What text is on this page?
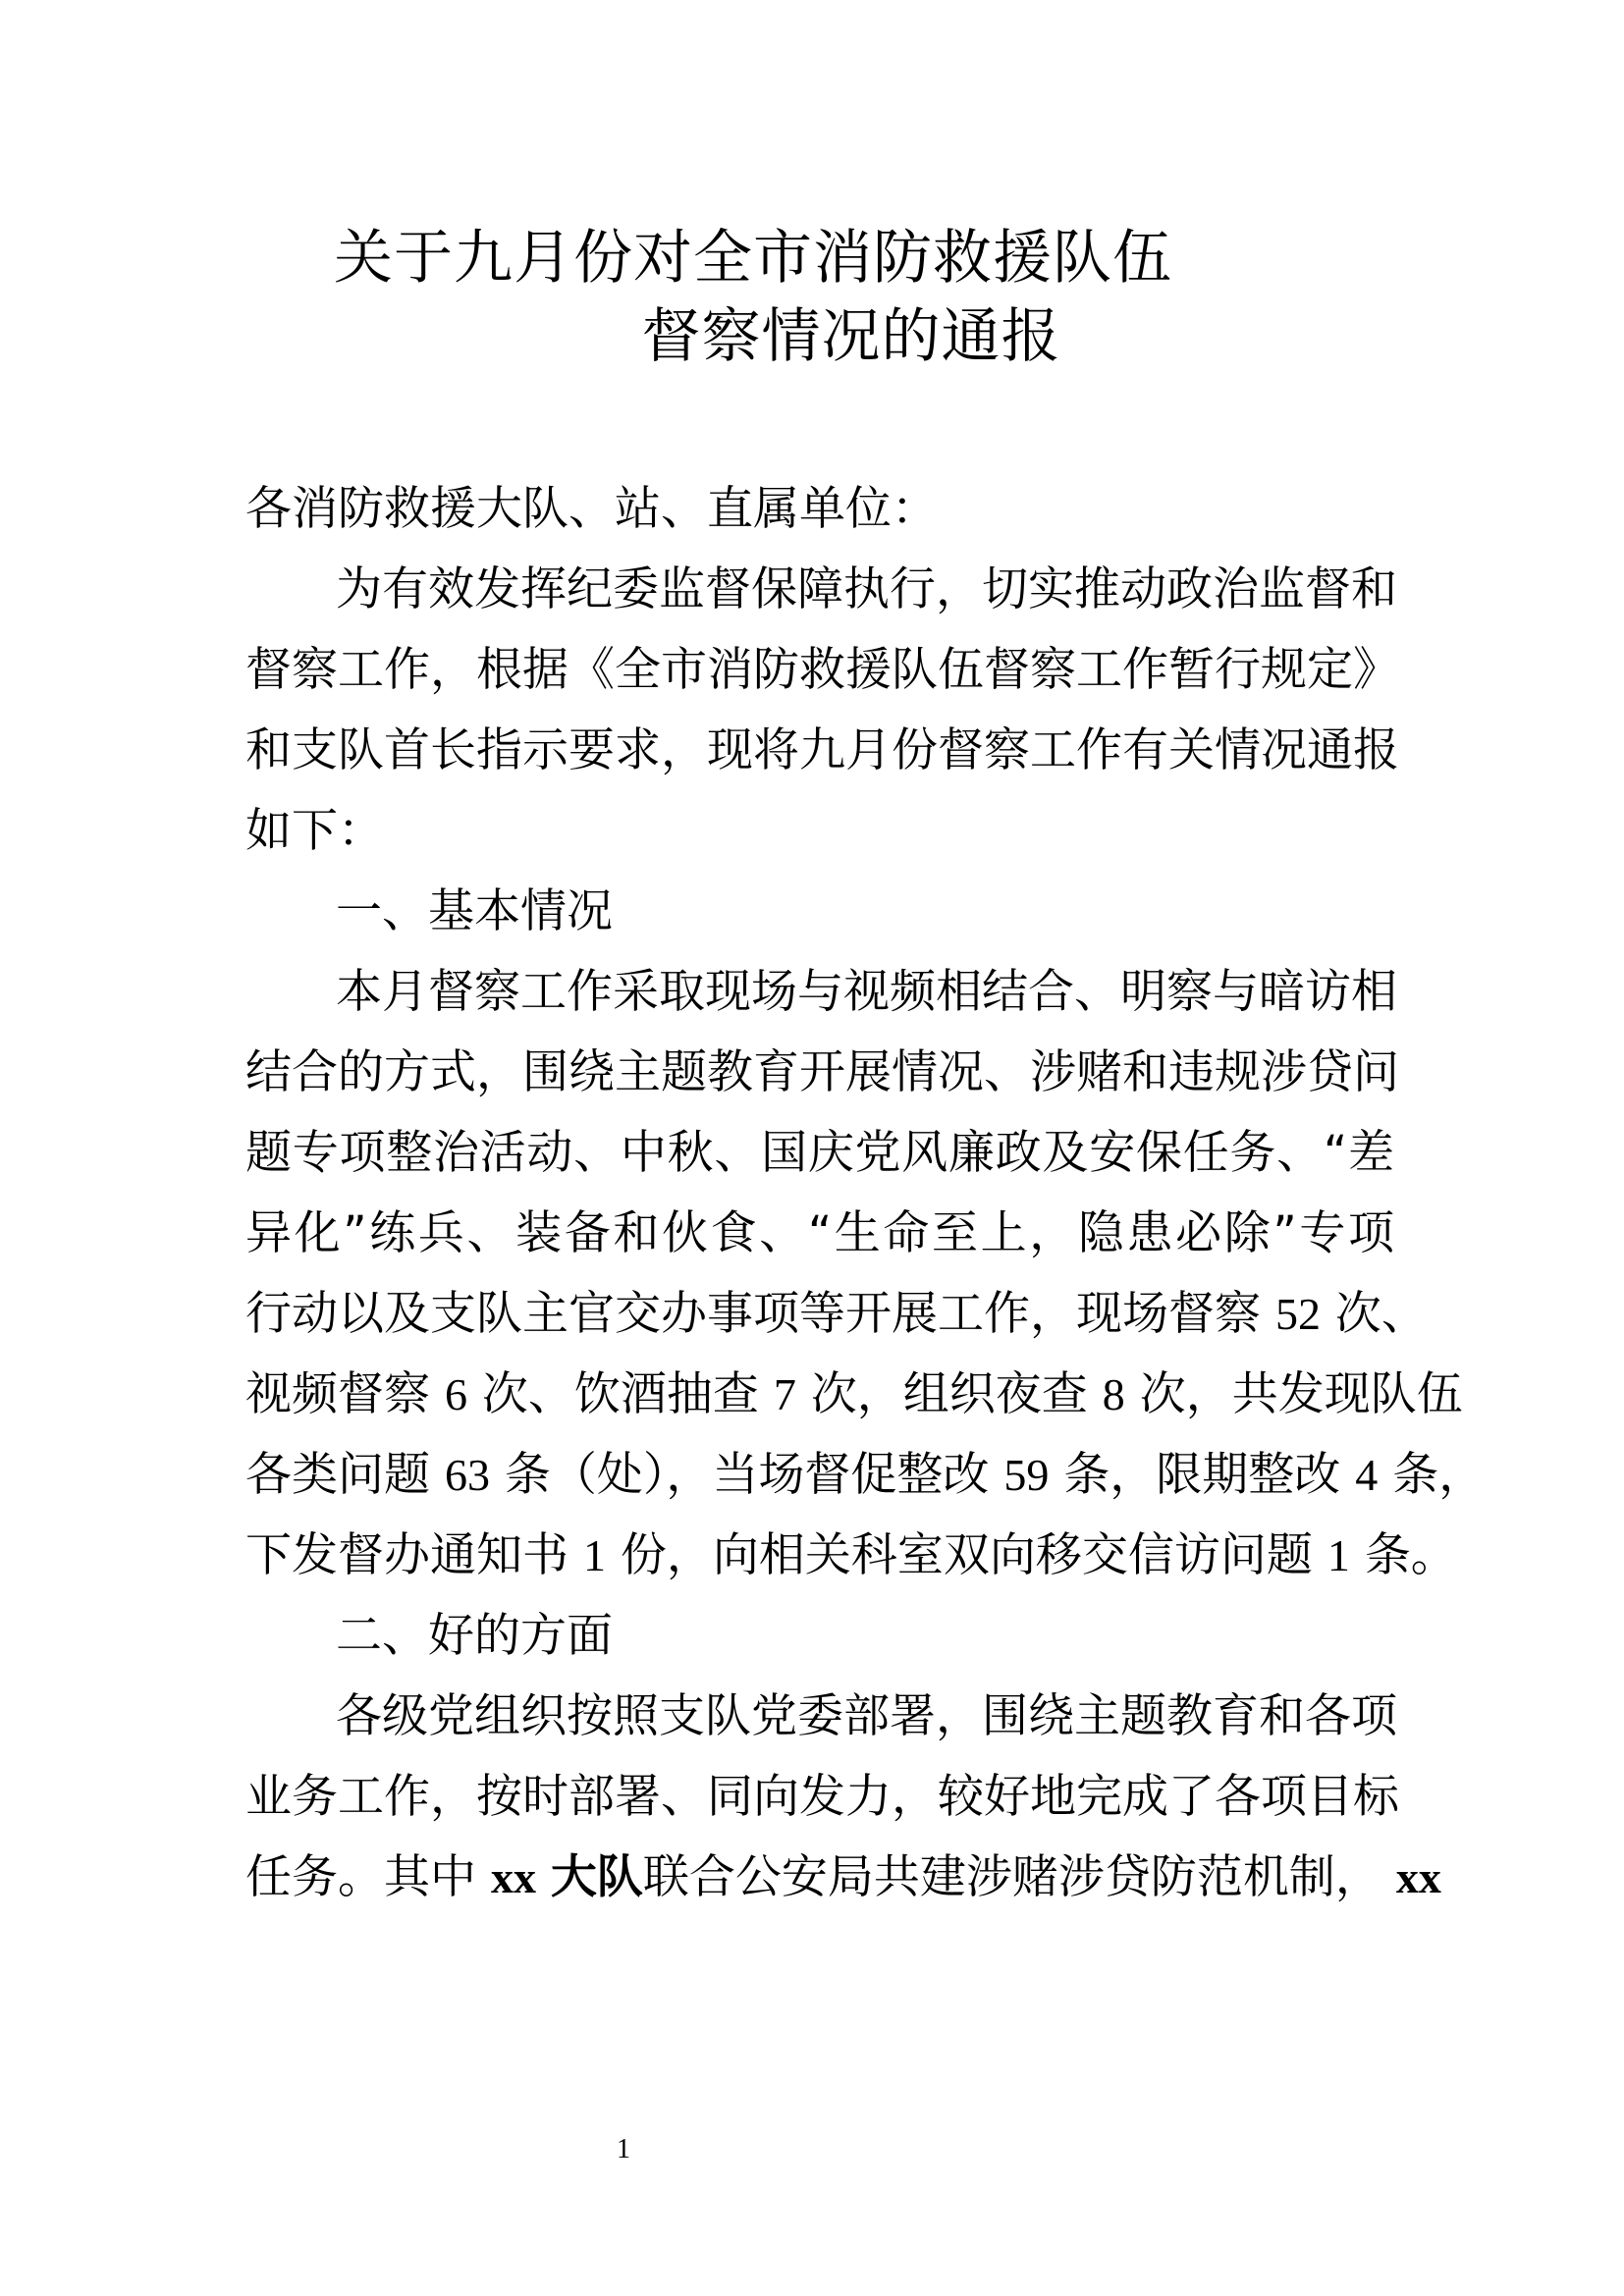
关于九月份对全市消防救援队伍
督察情况的通报
各消防救援大队、站、直属单位：
为有效发挥纪委监督保障执行，切实推动政治监督和
督察工作，根据《全市消防救援队伍督察工作暂行规定》
和支队首长指示要求，现将九月份督察工作有关情况通报
如下：
一、基本情况
本月督察工作采取现场与视频相结合、明察与暗访相
结合的方式，围绕主题教育开展情况、涉赌和违规涉贷问
题专项整治活动、中秋、国庆党风廉政及安保任务、“差
异化”练兵、装备和伙食、“生命至上，隐患必除”专项
行动以及支队主官交办事项等开展工作，现场督察 52 次、
视频督察 6 次、饮酒抽查 7 次，组织夜查 8 次，共发现队伍
各类问题 63 条（处），当场督促整改 59 条，限期整改 4 条，
下发督办通知书 1 份，向相关科室双向移交信访问题 1 条。
二、好的方面
各级党组织按照支队党委部署，围绕主题教育和各项
业务工作，按时部署、同向发力，较好地完成了各项目标
任务。其中 xx 大队联合公安局共建涉赌涉贷防范机制， xx
1
